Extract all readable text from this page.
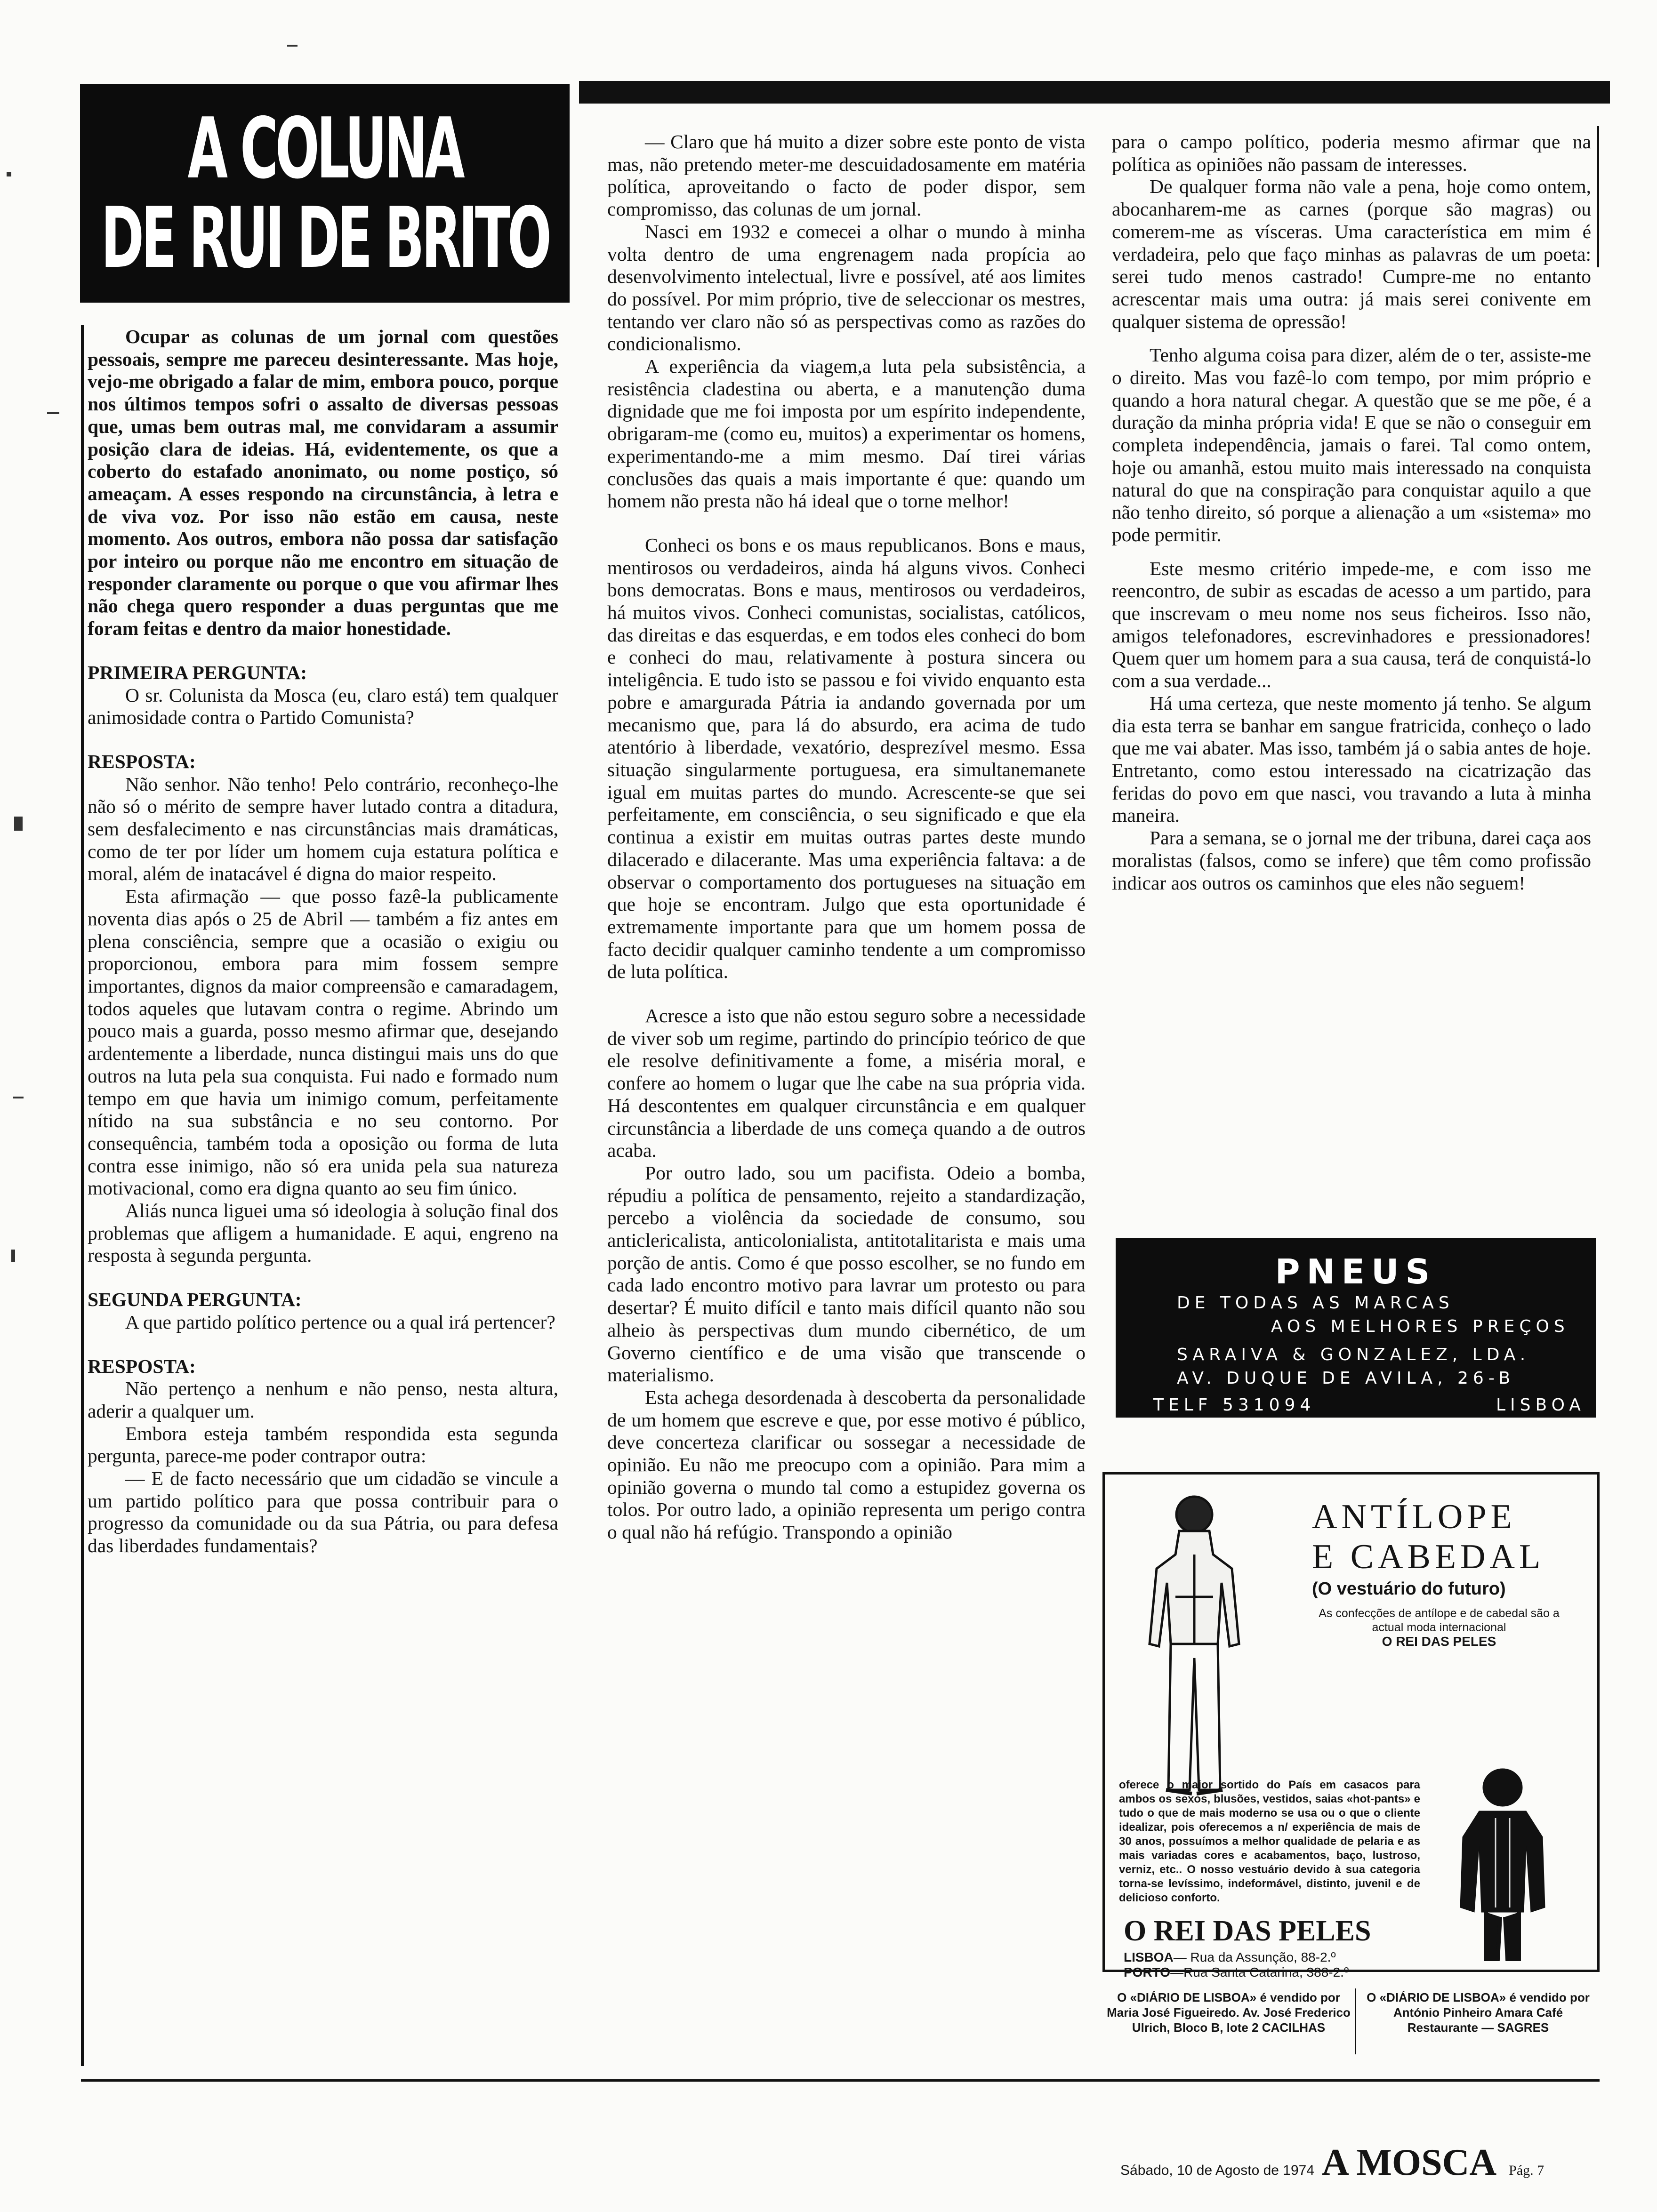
A COLUNA
DE RUI DE BRITO

Ocupar as colunas de um jornal com questões pessoais, sempre me pareceu desinteressante. Mas hoje, vejo-me obrigado a falar de mim, embora pouco, porque nos últimos tempos sofri o assalto de diversas pessoas que, umas bem outras mal, me convidaram a assumir posição clara de ideias. Há, evidentemente, os que a coberto do estafado anonimato, ou nome postiço, só ameaçam. A esses respondo na circunstância, à letra e de viva voz. Por isso não estão em causa, neste momento. Aos outros, embora não possa dar satisfação por inteiro ou porque não me encontro em situação de responder claramente ou porque o que vou afirmar lhes não chega quero responder a duas perguntas que me foram feitas e dentro da maior honestidade.

PRIMEIRA PERGUNTA:

O sr. Colunista da Mosca (eu, claro está) tem qualquer animosidade contra o Partido Comunista?

RESPOSTA:

Não senhor. Não tenho! Pelo contrário, reconheço-lhe não só o mérito de sempre haver lutado contra a ditadura, sem desfalecimento e nas circunstâncias mais dramáticas, como de ter por líder um homem cuja estatura política e moral, além de inatacável é digna do maior respeito.

Esta afirmação — que posso fazê-la publicamente noventa dias após o 25 de Abril — também a fiz antes em plena consciência, sempre que a ocasião o exigiu ou proporcionou, embora para mim fossem sempre importantes, dignos da maior compreensão e camaradagem, todos aqueles que lutavam contra o regime. Abrindo um pouco mais a guarda, posso mesmo afirmar que, desejando ardentemente a liberdade, nunca distingui mais uns do que outros na luta pela sua conquista. Fui nado e formado num tempo em que havia um inimigo comum, perfeitamente nítido na sua substância e no seu contorno. Por consequência, também toda a oposição ou forma de luta contra esse inimigo, não só era unida pela sua natureza motivacional, como era digna quanto ao seu fim único.

Aliás nunca liguei uma só ideologia à solução final dos problemas que afligem a humanidade. E aqui, engreno na resposta à segunda pergunta.

SEGUNDA PERGUNTA:

A que partido político pertence ou a qual irá pertencer?

RESPOSTA:

Não pertenço a nenhum e não penso, nesta altura, aderir a qualquer um.

Embora esteja também respondida esta segunda pergunta, parece-me poder contrapor outra:

— E de facto necessário que um cidadão se vincule a um partido político para que possa contribuir para o progresso da comunidade ou da sua Pátria, ou para defesa das liberdades fundamentais?

— Claro que há muito a dizer sobre este ponto de vista mas, não pretendo meter-me descuidadosamente em matéria política, aproveitando o facto de poder dispor, sem compromisso, das colunas de um jornal.

Nasci em 1932 e comecei a olhar o mundo à minha volta dentro de uma engrenagem nada propícia ao desenvolvimento intelectual, livre e possível, até aos limites do possível. Por mim próprio, tive de seleccionar os mestres, tentando ver claro não só as perspectivas como as razões do condicionalismo.

A experiência da viagem,a luta pela subsistência, a resistência cladestina ou aberta, e a manutenção duma dignidade que me foi imposta por um espírito independente, obrigaram-me (como eu, muitos) a experimentar os homens, experimentando-me a mim mesmo. Daí tirei várias conclusões das quais a mais importante é que: quando um homem não presta não há ideal que o torne melhor!

Conheci os bons e os maus republicanos. Bons e maus, mentirosos ou verdadeiros, ainda há alguns vivos. Conheci bons democratas. Bons e maus, mentirosos ou verdadeiros, há muitos vivos. Conheci comunistas, socialistas, católicos, das direitas e das esquerdas, e em todos eles conheci do bom e conheci do mau, relativamente à postura sincera ou inteligência. E tudo isto se passou e foi vivido enquanto esta pobre e amargurada Pátria ia andando governada por um mecanismo que, para lá do absurdo, era acima de tudo atentório à liberdade, vexatório, desprezível mesmo. Essa situação singularmente portuguesa, era simultanemanete igual em muitas partes do mundo. Acrescente-se que sei perfeitamente, em consciência, o seu significado e que ela continua a existir em muitas outras partes deste mundo dilacerado e dilacerante. Mas uma experiência faltava: a de observar o comportamento dos portugueses na situação em que hoje se encontram. Julgo que esta oportunidade é extremamente importante para que um homem possa de facto decidir qualquer caminho tendente a um compromisso de luta política.

Acresce a isto que não estou seguro sobre a necessidade de viver sob um regime, partindo do princípio teórico de que ele resolve definitivamente a fome, a miséria moral, e confere ao homem o lugar que lhe cabe na sua própria vida. Há descontentes em qualquer circunstância e em qualquer circunstância a liberdade de uns começa quando a de outros acaba.

Por outro lado, sou um pacifista. Odeio a bomba, répudiu a política de pensamento, rejeito a standardização, percebo a violência da sociedade de consumo, sou anticlericalista, anticolonialista, antitotalitarista e mais uma porção de antis. Como é que posso escolher, se no fundo em cada lado encontro motivo para lavrar um protesto ou para desertar? É muito difícil e tanto mais difícil quanto não sou alheio às perspectivas dum mundo cibernético, de um Governo científico e de uma visão que transcende o materialismo.

Esta achega desordenada à descoberta da personalidade de um homem que escreve e que, por esse motivo é público, deve concerteza clarificar ou sossegar a necessidade de opinião. Eu não me preocupo com a opinião. Para mim a opinião governa o mundo tal como a estupidez governa os tolos. Por outro lado, a opinião representa um perigo contra o qual não há refúgio. Transpondo a opinião

para o campo político, poderia mesmo afirmar que na política as opiniões não passam de interesses.

De qualquer forma não vale a pena, hoje como ontem, abocanharem-me as carnes (porque são magras) ou comerem-me as vísceras. Uma característica em mim é verdadeira, pelo que faço minhas as palavras de um poeta: serei tudo menos castrado! Cumpre-me no entanto acrescentar mais uma outra: já mais serei conivente em qualquer sistema de opressão!

Tenho alguma coisa para dizer, além de o ter, assiste-me o direito. Mas vou fazê-lo com tempo, por mim próprio e quando a hora natural chegar. A questão que se me põe, é a duração da minha própria vida! E que se não o conseguir em completa independência, jamais o farei. Tal como ontem, hoje ou amanhã, estou muito mais interessado na conquista natural do que na conspiração para conquistar aquilo a que não tenho direito, só porque a alienação a um «sistema» mo pode permitir.

Este mesmo critério impede-me, e com isso me reencontro, de subir as escadas de acesso a um partido, para que inscrevam o meu nome nos seus ficheiros. Isso não, amigos telefonadores, escrevinhadores e pressionadores! Quem quer um homem para a sua causa, terá de conquistá-lo com a sua verdade...

Há uma certeza, que neste momento já tenho. Se algum dia esta terra se banhar em sangue fratricida, conheço o lado que me vai abater. Mas isso, também já o sabia antes de hoje. Entretanto, como estou interessado na cicatrização das feridas do povo em que nasci, vou travando a luta à minha maneira.

Para a semana, se o jornal me der tribuna, darei caça aos moralistas (falsos, como se infere) que têm como profissão indicar aos outros os caminhos que eles não seguem!

PNEUS
DE TODAS AS MARCAS
AOS MELHORES PREÇOS
SARAIVA & GONZALEZ, LDA.
AV. DUQUE DE AVILA, 26-B
TELF 531094	LISBOA
ANTÍLOPE
E CABEDAL
(O vestuário do futuro)
As confecções de antílope e de cabedal são a actual moda internacional
O REI DAS PELES
oferece o maior sortido do País em casacos para ambos os sexos, blusões, vestidos, saias «hot-pants» e tudo o que de mais moderno se usa ou o que o cliente idealizar, pois oferecemos a n/ experiência de mais de 30 anos, possuímos a melhor qualidade de pelaria e as mais variadas cores e acabamentos, baço, lustroso, verniz, etc.. O nosso vestuário devido à sua categoria torna-se levíssimo, indeformável, distinto, juvenil e de delicioso conforto.
O REI DAS PELES
LISBOA— Rua da Assunção, 88-2.º
PORTO—Rua Santa Catarina, 388-2.º
O «DIÁRIO DE LISBOA» é vendido por Maria José Figueiredo. Av. José Frederico Ulrich, Bloco B, lote 2 CACILHAS
O «DIÁRIO DE LISBOA» é vendido por António Pinheiro Amara Café Restaurante — SAGRES
Sábado, 10 de Agosto de 1974 A MOSCA Pág. 7
